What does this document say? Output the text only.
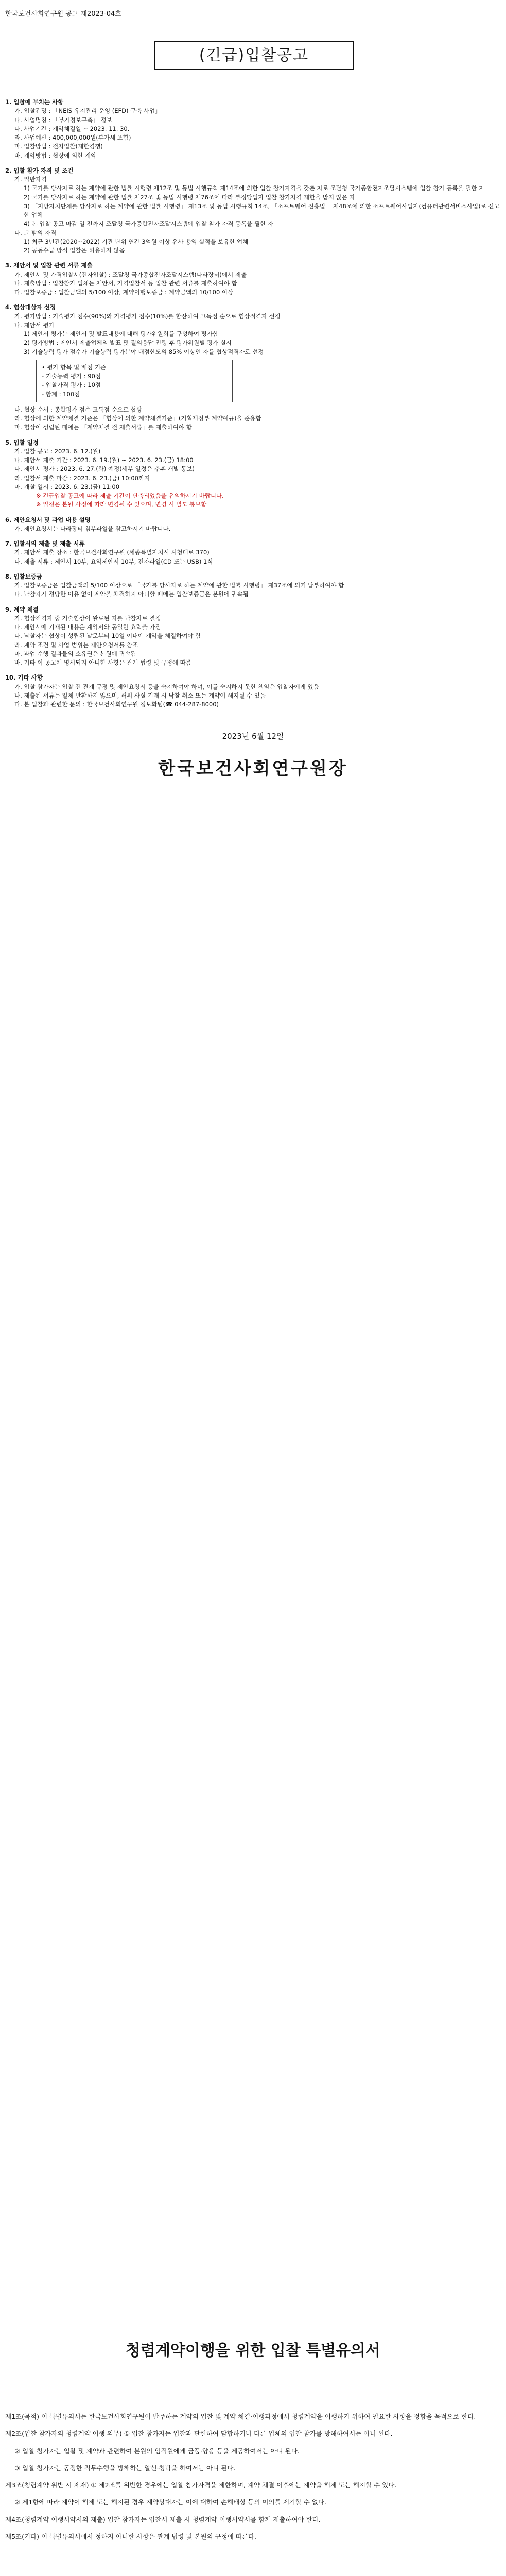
한국보건사회연구원 공고 제2023-04호
(긴급)입찰공고
1. 입찰에 부치는 사항
가. 입찰건명 : 「NEIS 유지관리 운영 (EFD) 구축 사업」
나. 사업명칭 : 「부가정보구축」 정보
다. 사업기간 : 계약체결일 ~ 2023. 11. 30.
라. 사업예산 : 400,000,000원(부가세 포함)
마. 입찰방법 : 전자입찰(제한경쟁)
바. 계약방법 : 협상에 의한 계약
2. 입찰 참가 자격 및 조건
가. 일반자격
1) 국가를 당사자로 하는 계약에 관한 법률 시행령 제12조 및 동법 시행규칙 제14조에 의한 입찰 참가자격을 갖춘 자로 조달청 국가종합전자조달시스템에 입찰 참가 등록을 필한 자
2) 국가를 당사자로 하는 계약에 관한 법률 제27조 및 동법 시행령 제76조에 따라 부정당업자 입찰 참가자격 제한을 받지 않은 자
3) 「지방자치단체를 당사자로 하는 계약에 관한 법률 시행령」 제13조 및 동법 시행규칙 14조, 「소프트웨어 진흥법」 제48조에 의한 소프트웨어사업자(컴퓨터관련서비스사업)로 신고한 업체
4) 본 입찰 공고 마감 일 전까지 조달청 국가종합전자조달시스템에 입찰 참가 자격 등록을 필한 자
나. 그 밖의 자격
1) 최근 3년간(2020~2022) 기관 단위 연간 3억원 이상 유사 용역 실적을 보유한 업체
2) 공동수급 방식 입찰은 허용하지 않음
3. 제안서 및 입찰 관련 서류 제출
가. 제안서 및 가격입찰서(전자입찰) : 조달청 국가종합전자조달시스템(나라장터)에서 제출
나. 제출방법 : 입찰참가 업체는 제안서, 가격입찰서 등 입찰 관련 서류를 제출하여야 함
다. 입찰보증금 : 입찰금액의 5/100 이상, 계약이행보증금 : 계약금액의 10/100 이상
4. 협상대상자 선정
가. 평가방법 : 기술평가 점수(90%)와 가격평가 점수(10%)를 합산하여 고득점 순으로 협상적격자 선정
나. 제안서 평가
1) 제안서 평가는 제안서 및 발표내용에 대해 평가위원회를 구성하여 평가함
2) 평가방법 : 제안서 제출업체의 발표 및 질의응답 진행 후 평가위원별 평가 실시
3) 기술능력 평가 점수가 기술능력 평가분야 배점한도의 85% 이상인 자를 협상적격자로 선정
• 평가 항목 및 배점 기준
- 기술능력 평가 : 90점
- 입찰가격 평가 : 10점
- 합계 : 100점
다. 협상 순서 : 종합평가 점수 고득점 순으로 협상
라. 협상에 의한 계약체결 기준은 「협상에 의한 계약체결기준」(기획재정부 계약예규)을 준용함
마. 협상이 성립된 때에는 「계약체결 전 제출서류」를 제출하여야 함
5. 입찰 일정
가. 입찰 공고 : 2023. 6. 12.(월)
나. 제안서 제출 기간 : 2023. 6. 19.(월) ~ 2023. 6. 23.(금) 18:00
다. 제안서 평가 : 2023. 6. 27.(화) 예정(세부 일정은 추후 개별 통보)
라. 입찰서 제출 마감 : 2023. 6. 23.(금) 10:00까지
마. 개찰 일시 : 2023. 6. 23.(금) 11:00
※ 긴급입찰 공고에 따라 제출 기간이 단축되었음을 유의하시기 바랍니다.
※ 일정은 본원 사정에 따라 변경될 수 있으며, 변경 시 별도 통보함
6. 제안요청서 및 과업 내용 설명
가. 제안요청서는 나라장터 첨부파일을 참고하시기 바랍니다.
7. 입찰서의 제출 및 제출 서류
가. 제안서 제출 장소 : 한국보건사회연구원 (세종특별자치시 시청대로 370)
나. 제출 서류 : 제안서 10부, 요약제안서 10부, 전자파일(CD 또는 USB) 1식
8. 입찰보증금
가. 입찰보증금은 입찰금액의 5/100 이상으로 「국가를 당사자로 하는 계약에 관한 법률 시행령」 제37조에 의거 납부하여야 함
나. 낙찰자가 정당한 이유 없이 계약을 체결하지 아니할 때에는 입찰보증금은 본원에 귀속됨
9. 계약 체결
가. 협상적격자 중 기술협상이 완료된 자를 낙찰자로 결정
나. 제안서에 기재된 내용은 계약서와 동일한 효력을 가짐
다. 낙찰자는 협상이 성립된 날로부터 10일 이내에 계약을 체결하여야 함
라. 계약 조건 및 사업 범위는 제안요청서를 참조
마. 과업 수행 결과물의 소유권은 본원에 귀속됨
바. 기타 이 공고에 명시되지 아니한 사항은 관계 법령 및 규정에 따름
10. 기타 사항
가. 입찰 참가자는 입찰 전 관계 규정 및 제안요청서 등을 숙지하여야 하며, 이를 숙지하지 못한 책임은 입찰자에게 있음
나. 제출된 서류는 일체 반환하지 않으며, 허위 사실 기재 시 낙찰 취소 또는 계약이 해지될 수 있음
다. 본 입찰과 관련한 문의 : 한국보건사회연구원 정보화팀(☎ 044-287-8000)
2023년 6월 12일
한국보건사회연구원장
청렴계약이행을 위한 입찰 특별유의서

제1조(목적) 이 특별유의서는 한국보건사회연구원이 발주하는 계약의 입찰 및 계약 체결·이행과정에서 청렴계약을 이행하기 위하여 필요한 사항을 정함을 목적으로 한다.

제2조(입찰 참가자의 청렴계약 이행 의무) ① 입찰 참가자는 입찰과 관련하여 담합하거나 다른 업체의 입찰 참가를 방해하여서는 아니 된다.

② 입찰 참가자는 입찰 및 계약과 관련하여 본원의 임직원에게 금품·향응 등을 제공하여서는 아니 된다.

③ 입찰 참가자는 공정한 직무수행을 방해하는 알선·청탁을 하여서는 아니 된다.

제3조(청렴계약 위반 시 제재) ① 제2조를 위반한 경우에는 입찰 참가자격을 제한하며, 계약 체결 이후에는 계약을 해제 또는 해지할 수 있다.

② 제1항에 따라 계약이 해제 또는 해지된 경우 계약상대자는 이에 대하여 손해배상 등의 이의를 제기할 수 없다.

제4조(청렴계약 이행서약서의 제출) 입찰 참가자는 입찰서 제출 시 청렴계약 이행서약서를 함께 제출하여야 한다.

제5조(기타) 이 특별유의서에서 정하지 아니한 사항은 관계 법령 및 본원의 규정에 따른다.
